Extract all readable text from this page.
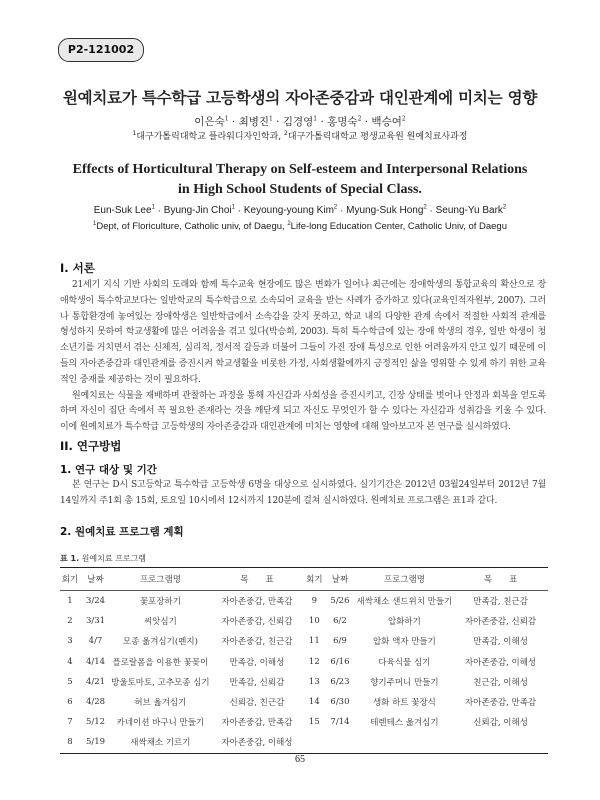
P2-121002
원예치료가 특수학급 고등학생의 자아존중감과 대인관계에 미치는 영향
이은숙$^1$ · 최병진$^1$ · 김경영$^1$ · 홍명숙$^2$ · 백승여$^2$
$^1$대구가톨릭대학교 플라워디자인학과, $^2$대구가톨릭대학교 평생교육원 원예치료사과정
Effects of Horticultural Therapy on Self-esteem and Interpersonal Relations
in High School Students of Special Class.
Eun-Suk Lee$^1$ · Byung-Jin Choi$^1$ · Keyoung-young Kim$^2$ · Myung-Suk Hong$^2$ · Seung-Yu Bark$^2$
$^1$Dept, of Floriculture, Catholic univ, of Daegu, $^2$Life-long Education Center, Catholic Univ, of Daegu
I. 서론

21세기 지식 기반 사회의 도래와 함께 특수교육 현장에도 많은 변화가 일어나 최근에는 장애학생의 통합교육의 확산으로 장애학생이 특수학교보다는 일반학교의 특수학급으로 소속되어 교육을 받는 사례가 증가하고 있다(교육인적자원부, 2007). 그러나 통합환경에 놓여있는 장애학생은 일반학급에서 소속감을 갖지 못하고, 학교 내의 다양한 관계 속에서 적절한 사회적 관계를 형성하지 못하여 학교생활에 많은 어려움을 겪고 있다(박승희, 2003). 특히 특수학급에 있는 장애 학생의 경우, 일반 학생이 청소년기를 거치면서 겪는 신체적, 심리적, 정서적 갈등과 더불어 그들이 가진 장애 특성으로 인한 어려움까지 안고 있기 때문에 이들의 자아존중감과 대인관계를 증진시켜 학교생활을 비롯한 가정, 사회생활에까지 긍정적인 삶을 영위할 수 있게 하기 위한 교육적인 중재를 제공하는 것이 필요하다.

원예치료는 식물을 재배하며 관찰하는 과정을 통해 자신감과 사회성을 증진시키고, 긴장 상태를 벗어나 안정과 회복을 얻도록 하며 자신이 집단 속에서 꼭 필요한 존재라는 것을 깨닫게 되고 자신도 무엇인가 할 수 있다는 자신감과 성취감을 키울 수 있다. 이에 원예치료가 특수학급 고등학생의 자아존중감과 대인관계에 미치는 영향에 대해 알아보고자 본 연구를 실시하였다.

II. 연구방법
1. 연구 대상 및 기간

본 연구는 D시 S고등학교 특수학급 고등학생 6명을 대상으로 실시하였다. 실기기간은 2012년 03월24일부터 2012년 7월14일까지 주1회 총 15회, 토요일 10시에서 12시까지 120분에 걸쳐 실시하였다. 원예치료 프로그램은 표1과 같다.

2. 원예치료 프로그램 계획
표 1. 원예치료 프로그램
회기	날짜	프로그램명	목　　표	회기	날짜	프로그램명	목　　표
1	3/24	꽃포장하기	자아존중감, 만족감	9	5/26	새싹채소 샌드위치 만들기	만족감, 친근감
2	3/31	씨앗심기	자아존중감, 신뢰감	10	6/2	압화하기	자아존중감, 신뢰감
3	4/7	모종 옮겨심기(펜지)	자아존중감, 친근감	11	6/9	압화 액자 만들기	만족감, 이해성
4	4/14	플로랄폼을 이용한 꽃꽂이	만족감, 이해성	12	6/16	다육식물 심기	자아존중감, 이해성
5	4/21	방울토마토, 고추모종 심기	만족감, 신뢰감	13	6/23	향기주머니 만들기	친근감, 이해성
6	4/28	허브 옮겨심기	신뢰감, 친근감	14	6/30	생화 하트 꽃장식	자아존중감, 만족감
7	5/12	카네이션 바구니 만들기	자아존중감, 만족감	15	7/14	테렌테스 옮겨심기	신뢰감, 이해성
8	5/19	새싹채소 기르기	자아존중감, 이해성				
65
